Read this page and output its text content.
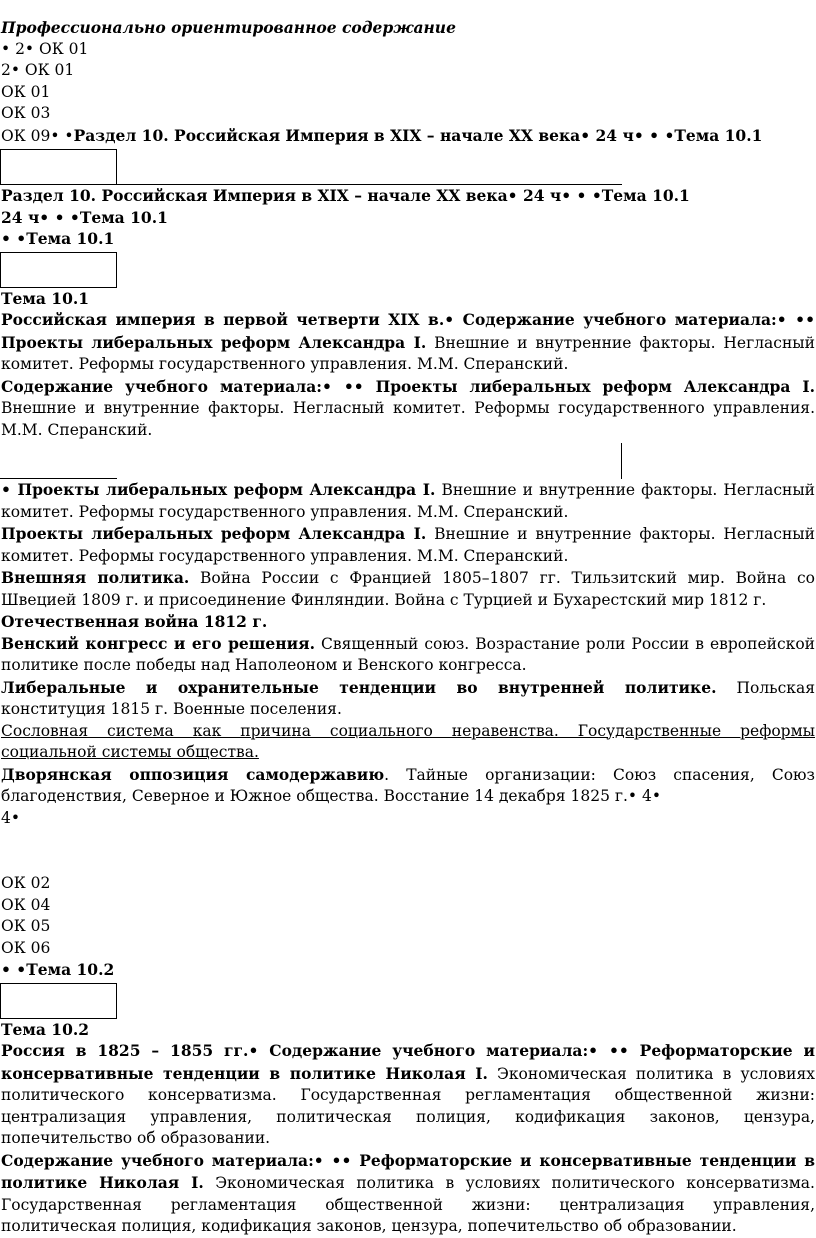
Профессионально ориентированное содержание

• 2• ОК 01

2• ОК 01

ОК 01

ОК 03

ОК 09• •Раздел 10. Российская Империя в XIX – начале XX века• 24 ч• • •Тема 10.1

Раздел 10. Российская Империя в XIX – начале XX века• 24 ч• • •Тема 10.1

24 ч• • •Тема 10.1

• •Тема 10.1

Тема 10.1

Российская империя в первой четверти XIX в.• Содержание учебного материала:• •• Проекты либеральных реформ Александра I. Внешние и внутренние факторы. Негласный комитет. Реформы государственного управления. М.М. Сперанский.

Содержание учебного материала:• •• Проекты либеральных реформ Александра I. Внешние и внутренние факторы. Негласный комитет. Реформы государственного управления. М.М. Сперанский.

• Проекты либеральных реформ Александра I. Внешние и внутренние факторы. Негласный комитет. Реформы государственного управления. М.М. Сперанский.

Проекты либеральных реформ Александра I. Внешние и внутренние факторы. Негласный комитет. Реформы государственного управления. М.М. Сперанский.

Внешняя политика. Война России с Францией 1805–1807 гг. Тильзитский мир. Война со Швецией 1809 г. и присоединение Финляндии. Война с Турцией и Бухарестский мир 1812 г.

Отечественная война 1812 г.

Венский конгресс и его решения. Священный союз. Возрастание роли России в европейской политике после победы над Наполеоном и Венского конгресса.

Либеральные и охранительные тенденции во внутренней политике. Польская конституция 1815 г. Военные поселения.

Сословная система как причина социального неравенства. Государственные реформы социальной системы общества.

Дворянская оппозиция самодержавию. Тайные организации: Союз спасения, Союз благоденствия, Северное и Южное общества. Восстание 14 декабря 1825 г.• 4•

4•

ОК 02

ОК 04

ОК 05

ОК 06

• •Тема 10.2

Тема 10.2

Россия в 1825 – 1855 гг.• Содержание учебного материала:• •• Реформаторские и консервативные тенденции в политике Николая I. Экономическая политика в условиях политического консерватизма. Государственная регламентация общественной жизни: централизация управления, политическая полиция, кодификация законов, цензура, попечительство об образовании.

Содержание учебного материала:• •• Реформаторские и консервативные тенденции в политике Николая I. Экономическая политика в условиях политического консерватизма. Государственная регламентация общественной жизни: централизация управления, политическая полиция, кодификация законов, цензура, попечительство об образовании.
